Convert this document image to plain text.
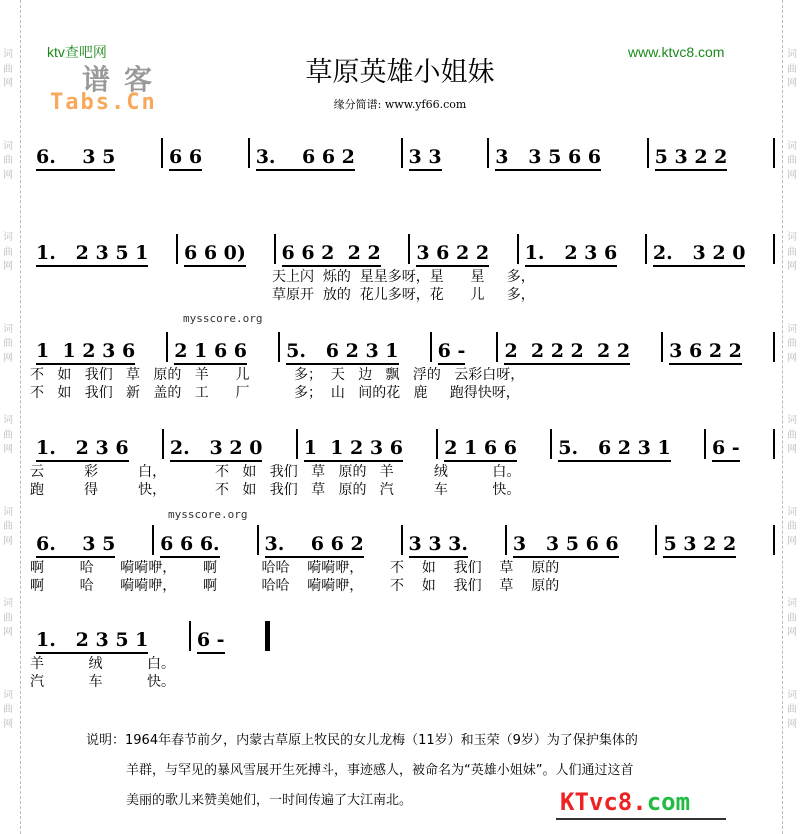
词
曲
网
词
曲
网
词
曲
网
词
曲
网
词
曲
网
词
曲
网
词
曲
网
词
曲
网
词
曲
网
词
曲
网
词
曲
网
词
曲
网
词
曲
网
词
曲
网
词
曲
网
词
曲
网
ktv查吧网
谱客
Tabs.Cn
www.ktvc8.com
草原英雄小姐妹
缘分简谱: www.yf66.com
6.    3 5	6 6	3.    6 6 2	3 3	3   3 5 6 6	5 3 2 2
1.   2 3 5 1	6 6 0)	6 6 2  2 2	3 6 2 2	1.   2 3 6	2.   3 2 0
天上闪  烁的  星星多呀，星      星     多，
草原开  放的  花儿多呀，花      儿     多，
1  1 2 3 6	2 1 6 6	5.   6 2 3 1	6 -	2  2 2 2  2 2	3 6 2 2
不   如   我们   草   原的   羊      儿          多；  天   边   飘   浮的   云彩白呀，
不   如   我们   新   盖的   工      厂          多；  山   间的花   鹿     跑得快呀，
1.   2 3 6	2.   3 2 0	1  1 2 3 6	2 1 6 6	5.   6 2 3 1	6 -
云         彩         白，           不   如   我们   草   原的   羊         绒          白。
跑         得         快，           不   如   我们   草   原的   汽         车          快。
6.    3 5	6 6 6.	3.    6 6 2	3 3 3.	3   3 5 6 6	5 3 2 2
啊        哈      嗬嗬咿，      啊          哈哈    嗬嗬咿，      不    如    我们    草    原的
啊        哈      嗬嗬咿，      啊          哈哈    嗬嗬咿，      不    如    我们    草    原的
1.   2 3 5 1	6 -
羊          绒          白。
汽          车          快。
mysscore.org
mysscore.org
说明：1964年春节前夕，内蒙古草原上牧民的女儿龙梅（11岁）和玉荣（9岁）为了保护集体的
羊群，与罕见的暴风雪展开生死搏斗，事迹感人，被命名为“英雄小姐妹”。人们通过这首
美丽的歌儿来赞美她们，一时间传遍了大江南北。	KTvc8.com
